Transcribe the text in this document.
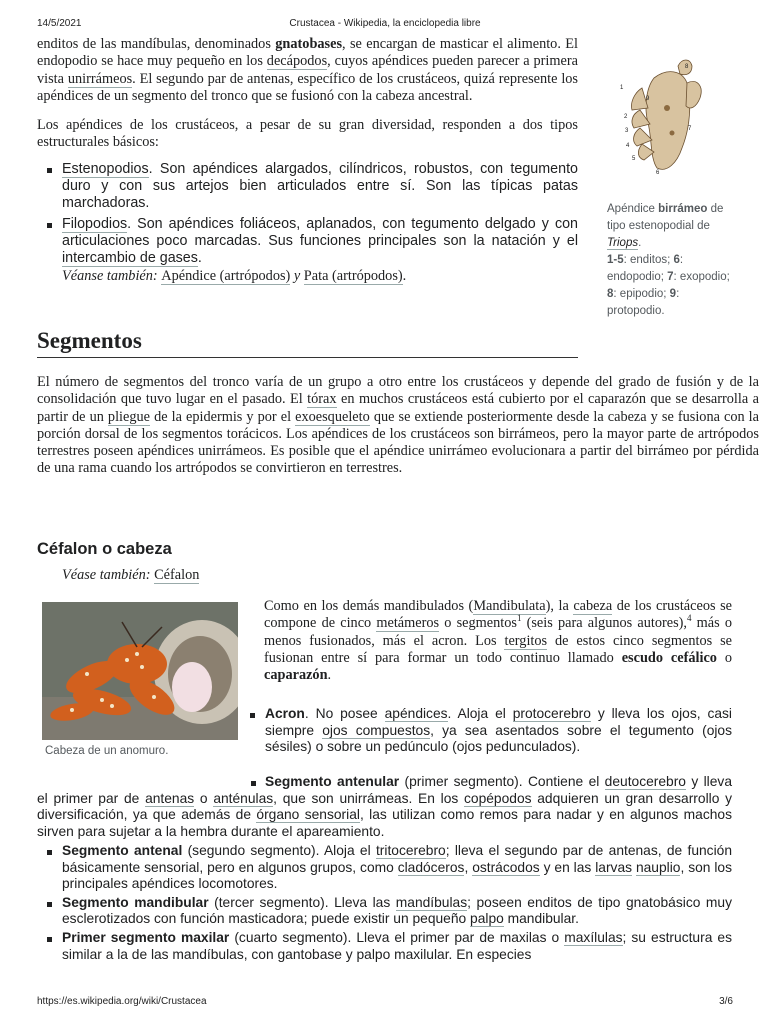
14/5/2021	Crustacea - Wikipedia, la enciclopedia libre

enditos de las mandíbulas, denominados gnatobases, se encargan de masticar el alimento. El endopodio se hace muy pequeño en los decápodos, cuyos apéndices pueden parecer a primera vista unirrámeos. El segundo par de antenas, específico de los crustáceos, quizá represente los apéndices de un segmento del tronco que se fusionó con la cabeza ancestral.

Los apéndices de los crustáceos, a pesar de su gran diversidad, responden a dos tipos estructurales básicos:

Estenopodios. Son apéndices alargados, cilíndricos, robustos, con tegumento duro y con sus artejos bien articulados entre sí. Son las típicas patas marchadoras.
Filopodios. Son apéndices foliáceos, aplanados, con tegumento delgado y con articulaciones poco marcadas. Sus funciones principales son la natación y el intercambio de gases.

Véanse también: Apéndice (artrópodos) y Pata (artrópodos).

8
1
9
2
3
4
7
5
6
Apéndice birrámeo de tipo estenopodial de Triops.
1-5: enditos; 6: endopodio; 7: exopodio; 8: epipodio; 9: protopodio.
Segmentos

El número de segmentos del tronco varía de un grupo a otro entre los crustáceos y depende del grado de fusión y de la consolidación que tuvo lugar en el pasado. El tórax en muchos crustáceos está cubierto por el caparazón que se desarrolla a partir de un pliegue de la epidermis y por el exoesqueleto que se extiende posteriormente desde la cabeza y se fusiona con la porción dorsal de los segmentos torácicos. Los apéndices de los crustáceos son birrámeos, pero la mayor parte de artrópodos terrestres poseen apéndices unirrámeos. Es posible que el apéndice unirrámeo evolucionara a partir del birrámeo por pérdida de una rama cuando los artrópodos se convirtieron en terrestres.

Céfalon o cabeza
Véase también: Céfalon
Cabeza de un anomuro.

Como en los demás mandibulados (Mandibulata), la cabeza de los crustáceos se compone de cinco metámeros o segmentos$^1$ (seis para algunos autores),$^4$ más o menos fusionados, más el acron. Los tergitos de estos cinco segmentos se fusionan entre sí para formar un todo continuo llamado escudo cefálico o caparazón.

Acron. No posee apéndices. Aloja el protocerebro y lleva los ojos, casi siempre ojos compuestos, ya sea asentados sobre el tegumento (ojos sésiles) o sobre un pedúnculo (ojos pedunculados).

Segmento antenular (primer segmento). Contiene el deutocerebro y lleva el primer par de antenas o anténulas, que son unirrámeas. En los copépodos adquieren un gran desarrollo y diversificación, ya que además de órgano sensorial, las utilizan como remos para nadar y en algunos machos sirven para sujetar a la hembra durante el apareamiento.

Segmento antenal (segundo segmento). Aloja el tritocerebro; lleva el segundo par de antenas, de función básicamente sensorial, pero en algunos grupos, como cladóceros, ostrácodos y en las larvas nauplio, son los principales apéndices locomotores.
Segmento mandibular (tercer segmento). Lleva las mandíbulas; poseen enditos de tipo gnatobásico muy esclerotizados con función masticadora; puede existir un pequeño palpo mandibular.
Primer segmento maxilar (cuarto segmento). Lleva el primer par de maxilas o maxílulas; su estructura es similar a la de las mandíbulas, con gantobase y palpo maxilular. En especies
https://es.wikipedia.org/wiki/Crustacea	3/6
